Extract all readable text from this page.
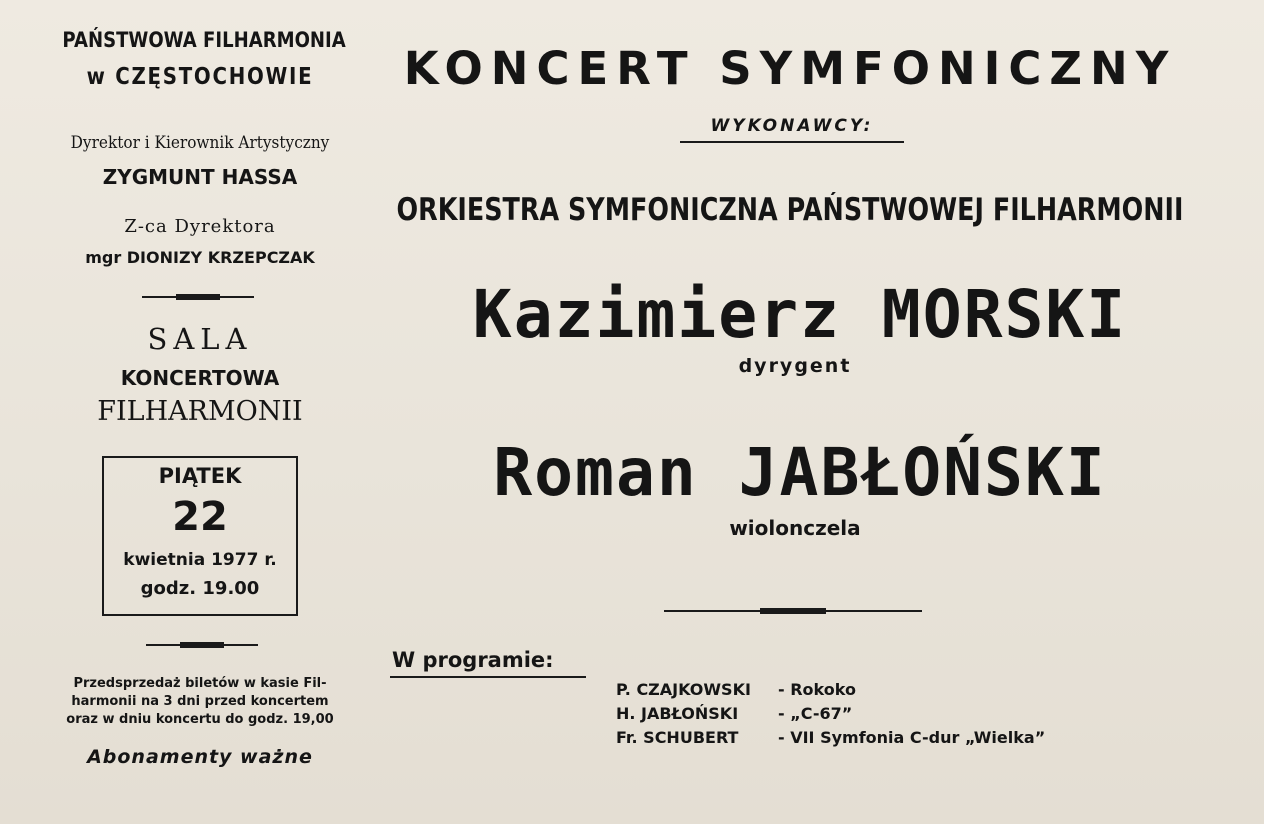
PAŃSTWOWA FILHARMONIA
w CZĘSTOCHOWIE
Dyrektor i Kierownik Artystyczny
ZYGMUNT HASSA
Z-ca Dyrektora
mgr DIONIZY KRZEPCZAK
SALA
KONCERTOWA
FILHARMONII
PIĄTEK
22
kwietnia 1977 r.
godz. 19.00
Przedsprzedaż biletów w kasie Fil-
harmonii na 3 dni przed koncertem
oraz w dniu koncertu do godz. 19,00
Abonamenty ważne
KONCERT SYMFONICZNY
WYKONAWCY:
ORKIESTRA SYMFONICZNA PAŃSTWOWEJ FILHARMONII
Kazimierz MORSKI
dyrygent
Roman JABŁOŃSKI
wiolonczela
W programie:
P. CZAJKOWSKI - Rokoko
H. JABŁOŃSKI - „C-67”
Fr. SCHUBERT - VII Symfonia C-dur „Wielka”
